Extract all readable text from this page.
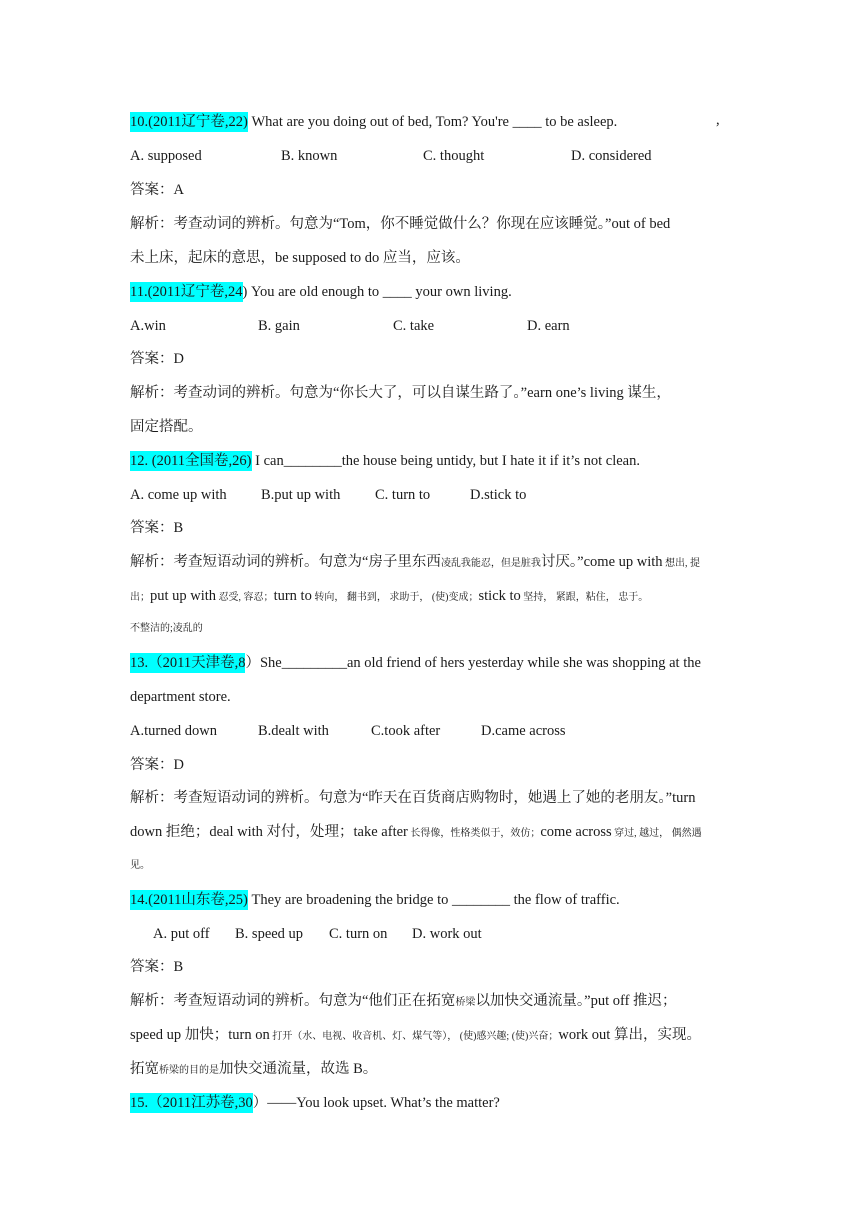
10.(2011辽宁卷,22) What are you doing out of bed, Tom? You're ____ to be asleep.	,
A. supposed	B. known	C. thought	D. considered
答案：A
解析：考查动词的辨析。句意为“Tom，你不睡觉做什么？你现在应该睡觉。”out of bed
未上床，起床的意思，be supposed to do 应当，应该。
11.(2011辽宁卷,24) You are old enough to ____ your own living.
A.win	B. gain	C. take	D. earn
答案：D
解析：考查动词的辨析。句意为“你长大了，可以自谋生路了。”earn one’s living 谋生，
固定搭配。
12. (2011全国卷,26) I can________the house being untidy, but I hate it if it’s not clean.
A. come up with B.put up with C. turn to	D.stick to
答案：B
解析：考查短语动词的辨析。句意为“房子里东西凌乱我能忍，但是脏我讨厌。”come up with 想出, 提
出；put up with 忍受, 容忍；turn to 转向， 翻书到， 求助于， (使)变成；stick to 坚持， 紧跟，粘住， 忠于。
不整洁的;凌乱的
13.（2011天津卷,8）She_________an old friend of hers yesterday while she was shopping at the
department store.
A.turned down	B.dealt with	C.took after	D.came across
答案：D
解析：考查短语动词的辨析。句意为“昨天在百货商店购物时，她遇上了她的老朋友。”turn
down 拒绝；deal with 对付，处理；take after 长得像，性格类似于，效仿；come across 穿过, 越过， 偶然遇
见。
14.(2011山东卷,25) They are broadening the bridge to ________ the flow of traffic.
A. put off B. speed up C. turn on D. work out
答案：B
解析：考查短语动词的辨析。句意为“他们正在拓宽桥梁以加快交通流量。”put off 推迟；
speed up 加快；turn on 打开（水、电视、收音机、灯、煤气等）， (使)感兴趣; (使)兴奋；work out 算出，实现。
拓宽桥梁的目的是加快交通流量，故选 B。
15.（2011江苏卷,30）——You look upset. What’s the matter?
